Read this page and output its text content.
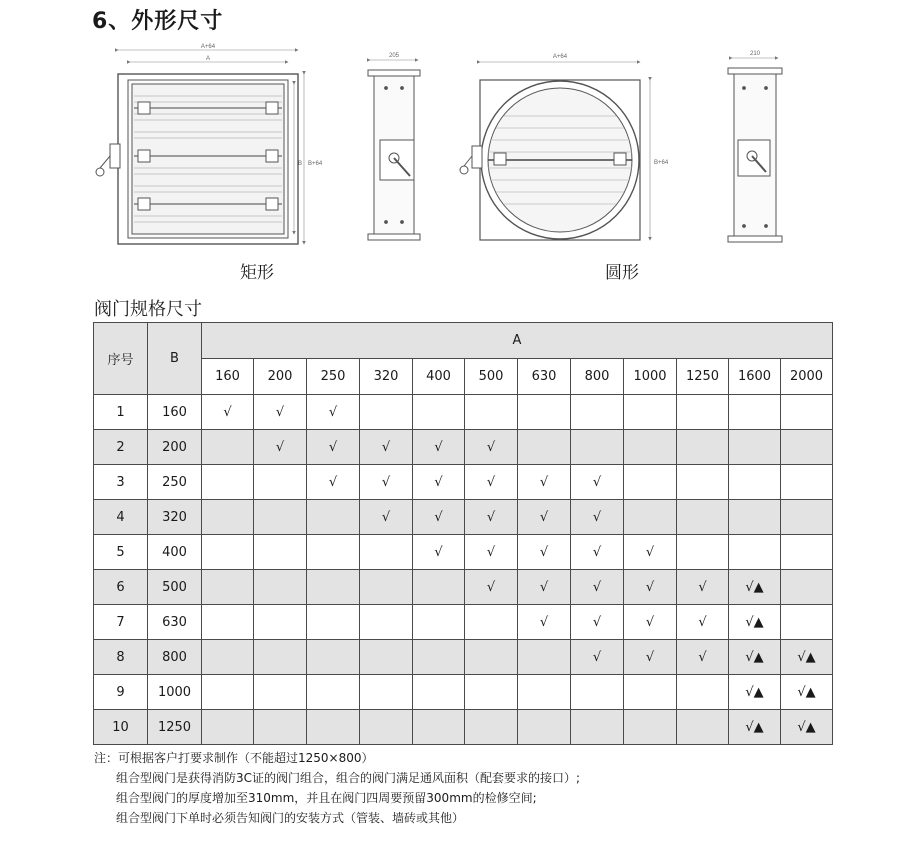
6、外形尺寸
A+64
A
B B+64
205	A+64
B+64
210
矩形	圆形
阀门规格尺寸
序号	B	A											
		160	200	250	320	400	500	630	800	1000	1250	1600	2000
1	160	√	√	√									
2	200		√	√	√	√	√						
3	250			√	√	√	√	√	√				
4	320				√	√	√	√	√				
5	400					√	√	√	√	√			
6	500						√	√	√	√	√	√▲	
7	630							√	√	√	√	√▲	
8	800								√	√	√	√▲	√▲
9	1000											√▲	√▲
10	1250											√▲	√▲
注：可根据客户打要求制作（不能超过1250×800）
组合型阀门是获得消防3C证的阀门组合，组合的阀门满足通风面积（配套要求的接口）;
组合型阀门的厚度增加至310mm，并且在阀门四周要预留300mm的检修空间;
组合型阀门下单时必须告知阀门的安装方式（管装、墙砖或其他）
